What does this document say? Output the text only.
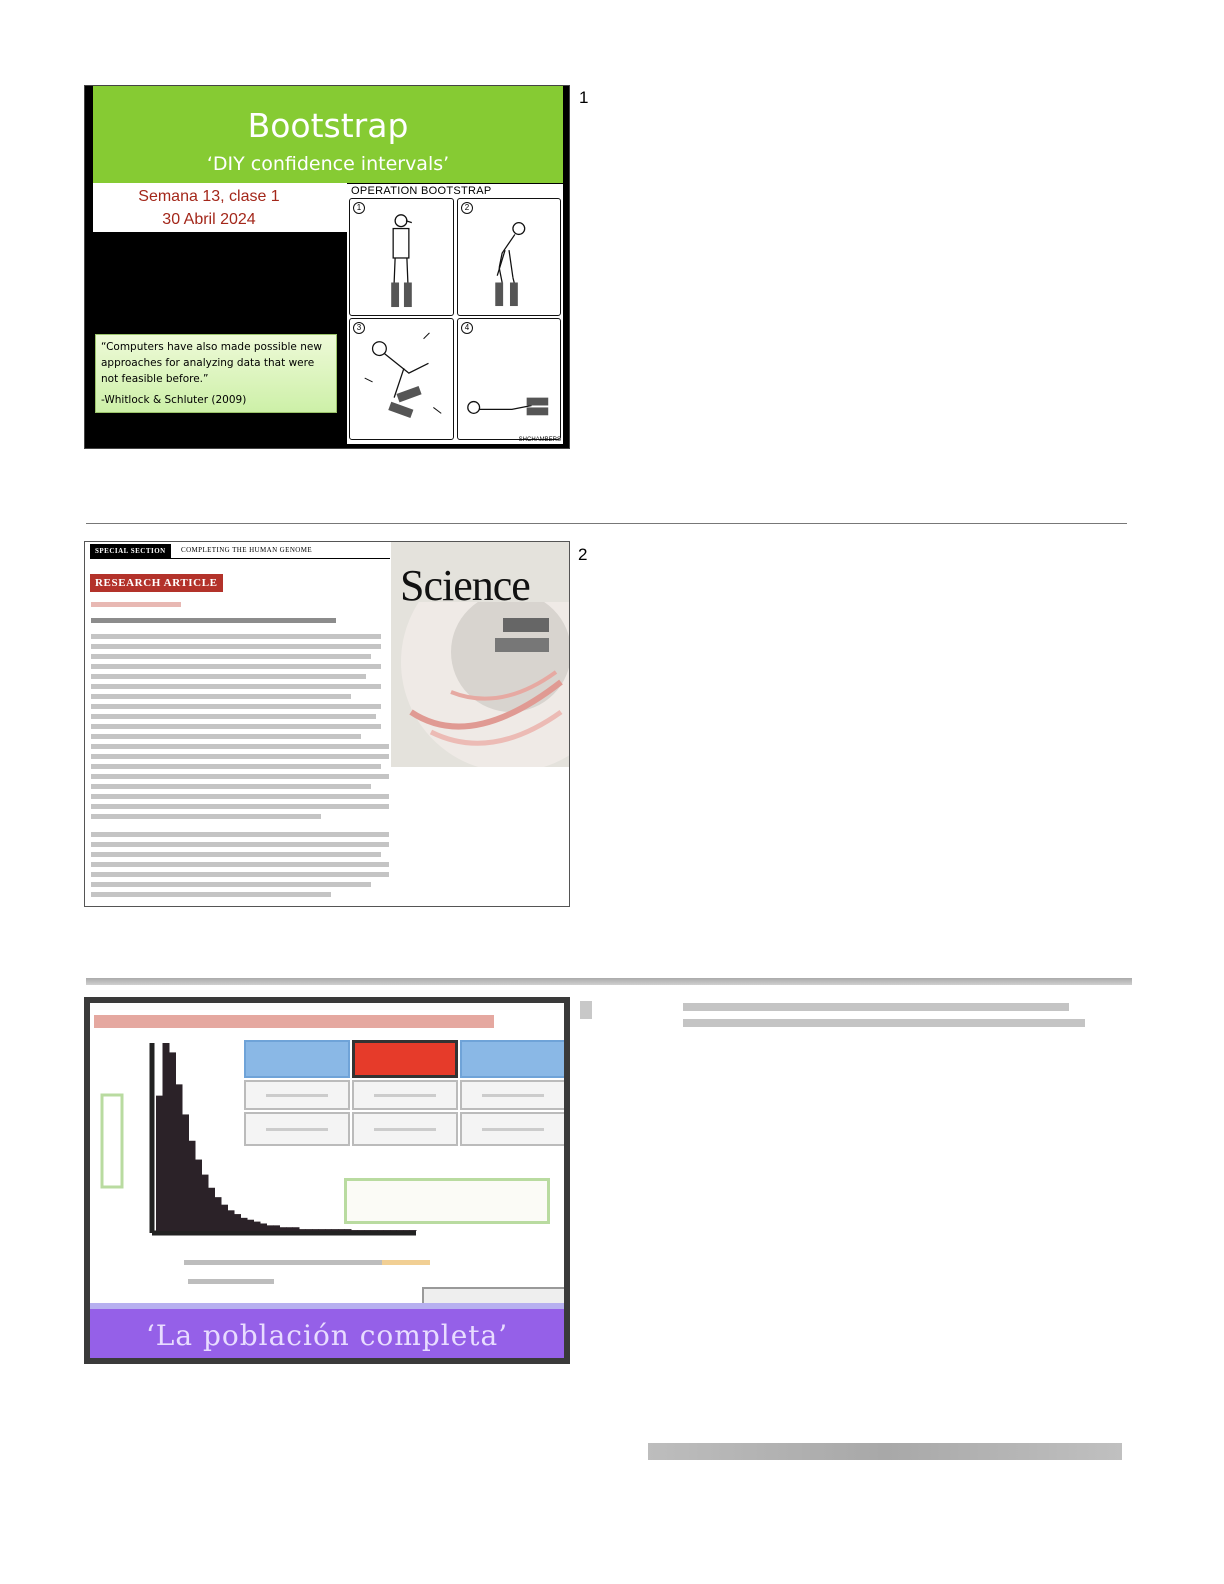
Bootstrap
‘DIY confidence intervals’
Semana 13, clase 1
30 Abril 2024
OPERATION BOOTSTRAP
1	2
3	4
SHCHAMBERS
“Computers have also made possible new approaches for analyzing data that were not feasible before.”
-Whitlock & Schluter (2009)
1
SPECIAL SECTION	COMPLETING THE HUMAN GENOME
RESEARCH ARTICLE	Science
2
‘La población completa’
